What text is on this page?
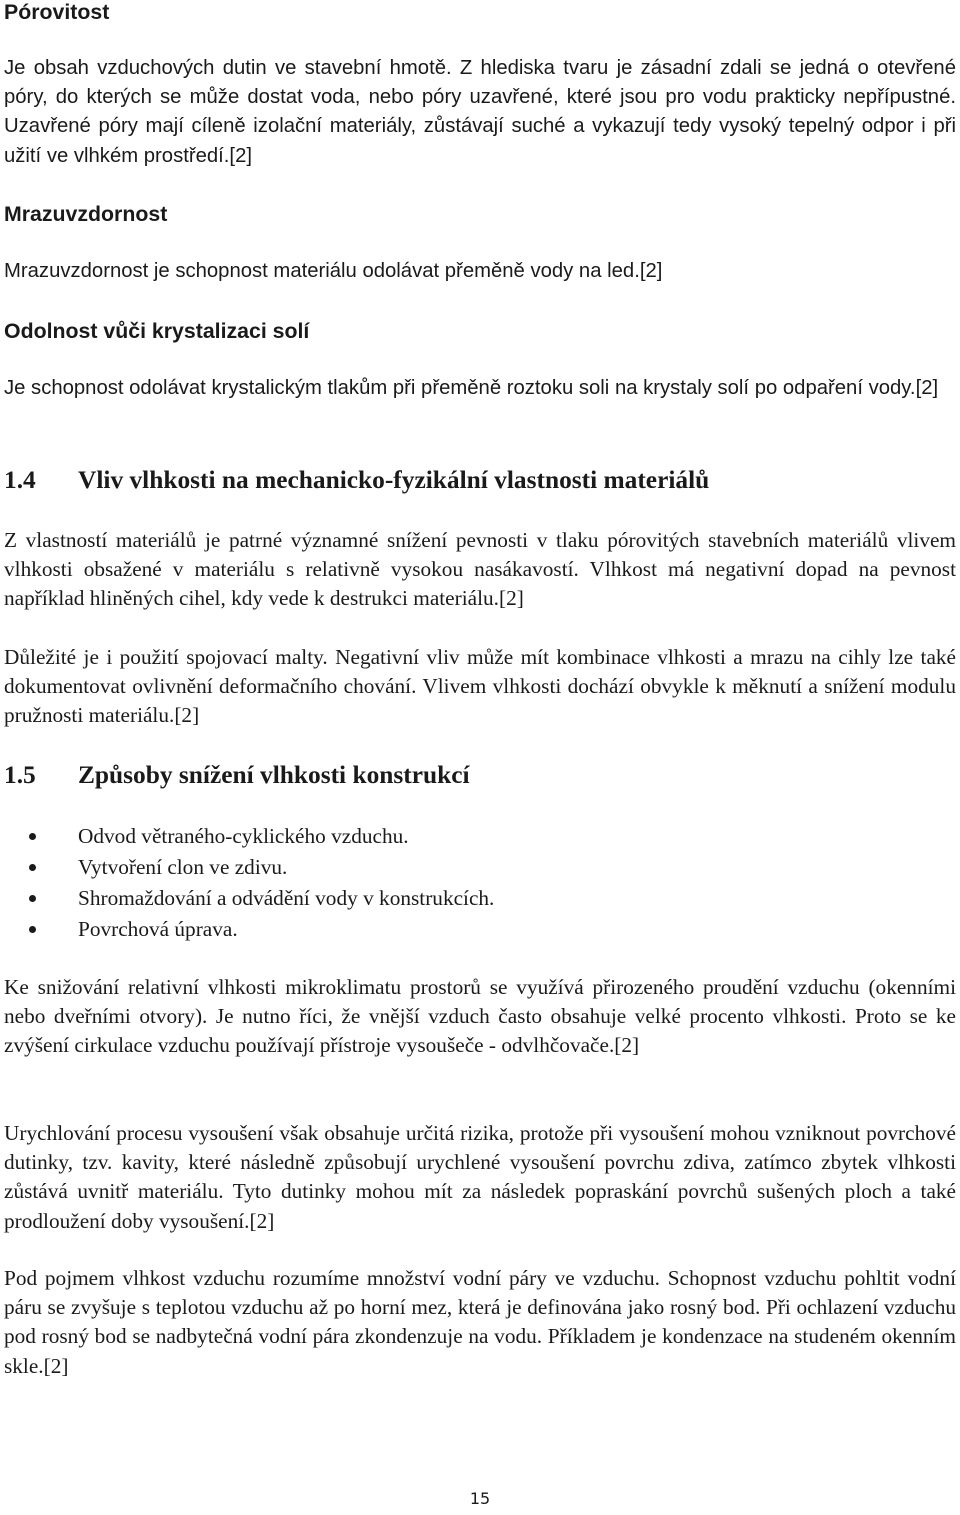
Pórovitost

Je obsah vzduchových dutin ve stavební hmotě. Z hlediska tvaru je zásadní zdali se jedná o otevřené póry, do kterých se může dostat voda, nebo póry uzavřené, které jsou pro vodu prakticky nepřípustné. Uzavřené póry mají cíleně izolační materiály, zůstávají suché a vykazují tedy vysoký tepelný odpor i při užití ve vlhkém prostředí.[2]

Mrazuvzdornost

Mrazuvzdornost je schopnost materiálu odolávat přeměně vody na led.[2]

Odolnost vůči krystalizaci solí

Je schopnost odolávat krystalickým tlakům při přeměně roztoku soli na krystaly solí po odpaření vody.[2]

1.4 Vliv vlhkosti na mechanicko-fyzikální vlastnosti materiálů

Z vlastností materiálů je patrné významné snížení pevnosti v tlaku pórovitých stavebních materiálů vlivem vlhkosti obsažené v materiálu s relativně vysokou nasákavostí. Vlhkost má negativní dopad na pevnost například hliněných cihel, kdy vede k destrukci materiálu.[2]

Důležité je i použití spojovací malty. Negativní vliv může mít kombinace vlhkosti a mrazu na cihly lze také dokumentovat ovlivnění deformačního chování. Vlivem vlhkosti dochází obvykle k měknutí a snížení modulu pružnosti materiálu.[2]

1.5 Způsoby snížení vlhkosti konstrukcí
Odvod větraného-cyklického vzduchu.
Vytvoření clon ve zdivu.
Shromaždování a odvádění vody v konstrukcích.
Povrchová úprava.

Ke snižování relativní vlhkosti mikroklimatu prostorů se využívá přirozeného proudění vzduchu (okenními nebo dveřními otvory). Je nutno říci, že vnější vzduch často obsahuje velké procento vlhkosti. Proto se ke zvýšení cirkulace vzduchu používají přístroje vysoušeče - odvlhčovače.[2]

Urychlování procesu vysoušení však obsahuje určitá rizika, protože při vysoušení mohou vzniknout povrchové dutinky, tzv. kavity, které následně způsobují urychlené vysoušení povrchu zdiva, zatímco zbytek vlhkosti zůstává uvnitř materiálu. Tyto dutinky mohou mít za následek popraskání povrchů sušených ploch a také prodloužení doby vysoušení.[2]

Pod pojmem vlhkost vzduchu rozumíme množství vodní páry ve vzduchu. Schopnost vzduchu pohltit vodní páru se zvyšuje s teplotou vzduchu až po horní mez, která je definována jako rosný bod. Při ochlazení vzduchu pod rosný bod se nadbytečná vodní pára zkondenzuje na vodu. Příkladem je kondenzace na studeném okenním skle.[2]

15
